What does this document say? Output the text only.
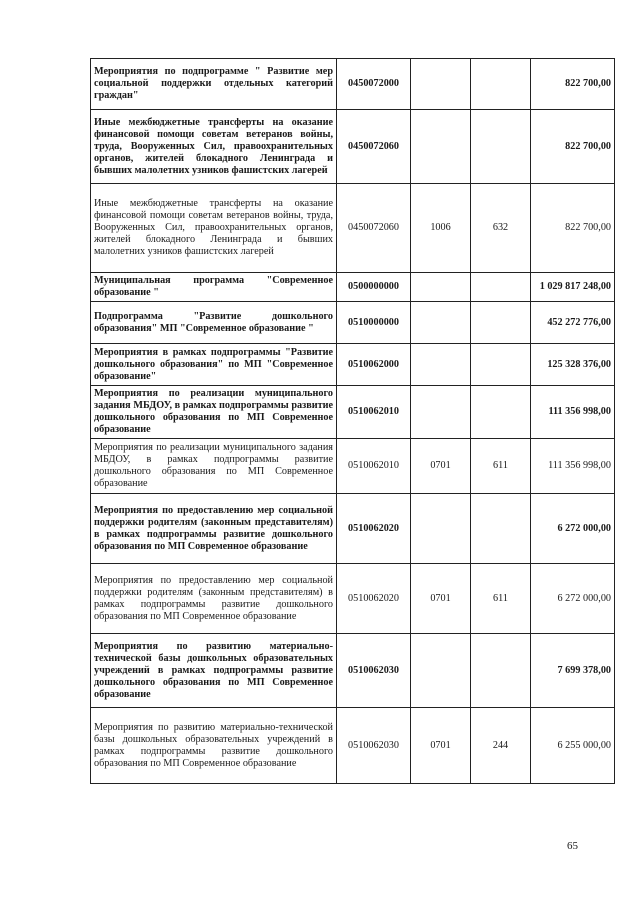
Мероприятия по подпрограмме " Развитие мер социальной поддержки отдельных категорий граждан"	0450072000			822 700,00
Иные межбюджетные трансферты на оказание финансовой помощи советам ветеранов войны, труда, Вооруженных Сил, правоохранительных органов, жителей блокадного Ленинграда и бывших малолетних узников фашистских лагерей	0450072060			822 700,00
Иные межбюджетные трансферты на оказание финансовой помощи советам ветеранов войны, труда, Вооруженных Сил, правоохранительных органов, жителей блокадного Ленинграда и бывших малолетних узников фашистских лагерей	0450072060	1006	632	822 700,00
Муниципальная программа "Современное образование "	0500000000			1 029 817 248,00
Подпрограмма "Развитие дошкольного образования" МП "Современное образование "	0510000000			452 272 776,00
Мероприятия в рамках подпрограммы "Развитие дошкольного образования" по МП "Современное образование"	0510062000			125 328 376,00
Мероприятия по реализации муниципального задания МБДОУ, в рамках подпрограммы развитие дошкольного образования по МП Современное образование	0510062010			111 356 998,00
Мероприятия по реализации муниципального задания МБДОУ, в рамках подпрограммы развитие дошкольного образования по МП Современное образование	0510062010	0701	611	111 356 998,00
Мероприятия по предоставлению мер социальной поддержки родителям (законным представителям) в рамках подпрограммы развитие дошкольного образования по МП Современное образование	0510062020			6 272 000,00
Мероприятия по предоставлению мер социальной поддержки родителям (законным представителям) в рамках подпрограммы развитие дошкольного образования по МП Современное образование	0510062020	0701	611	6 272 000,00
Мероприятия по развитию материально-технической базы дошкольных образовательных учреждений в рамках подпрограммы развитие дошкольного образования по МП Современное образование	0510062030			7 699 378,00
Мероприятия по развитию материально-технической базы дошкольных образовательных учреждений в рамках подпрограммы развитие дошкольного образования по МП Современное образование	0510062030	0701	244	6 255 000,00
65
